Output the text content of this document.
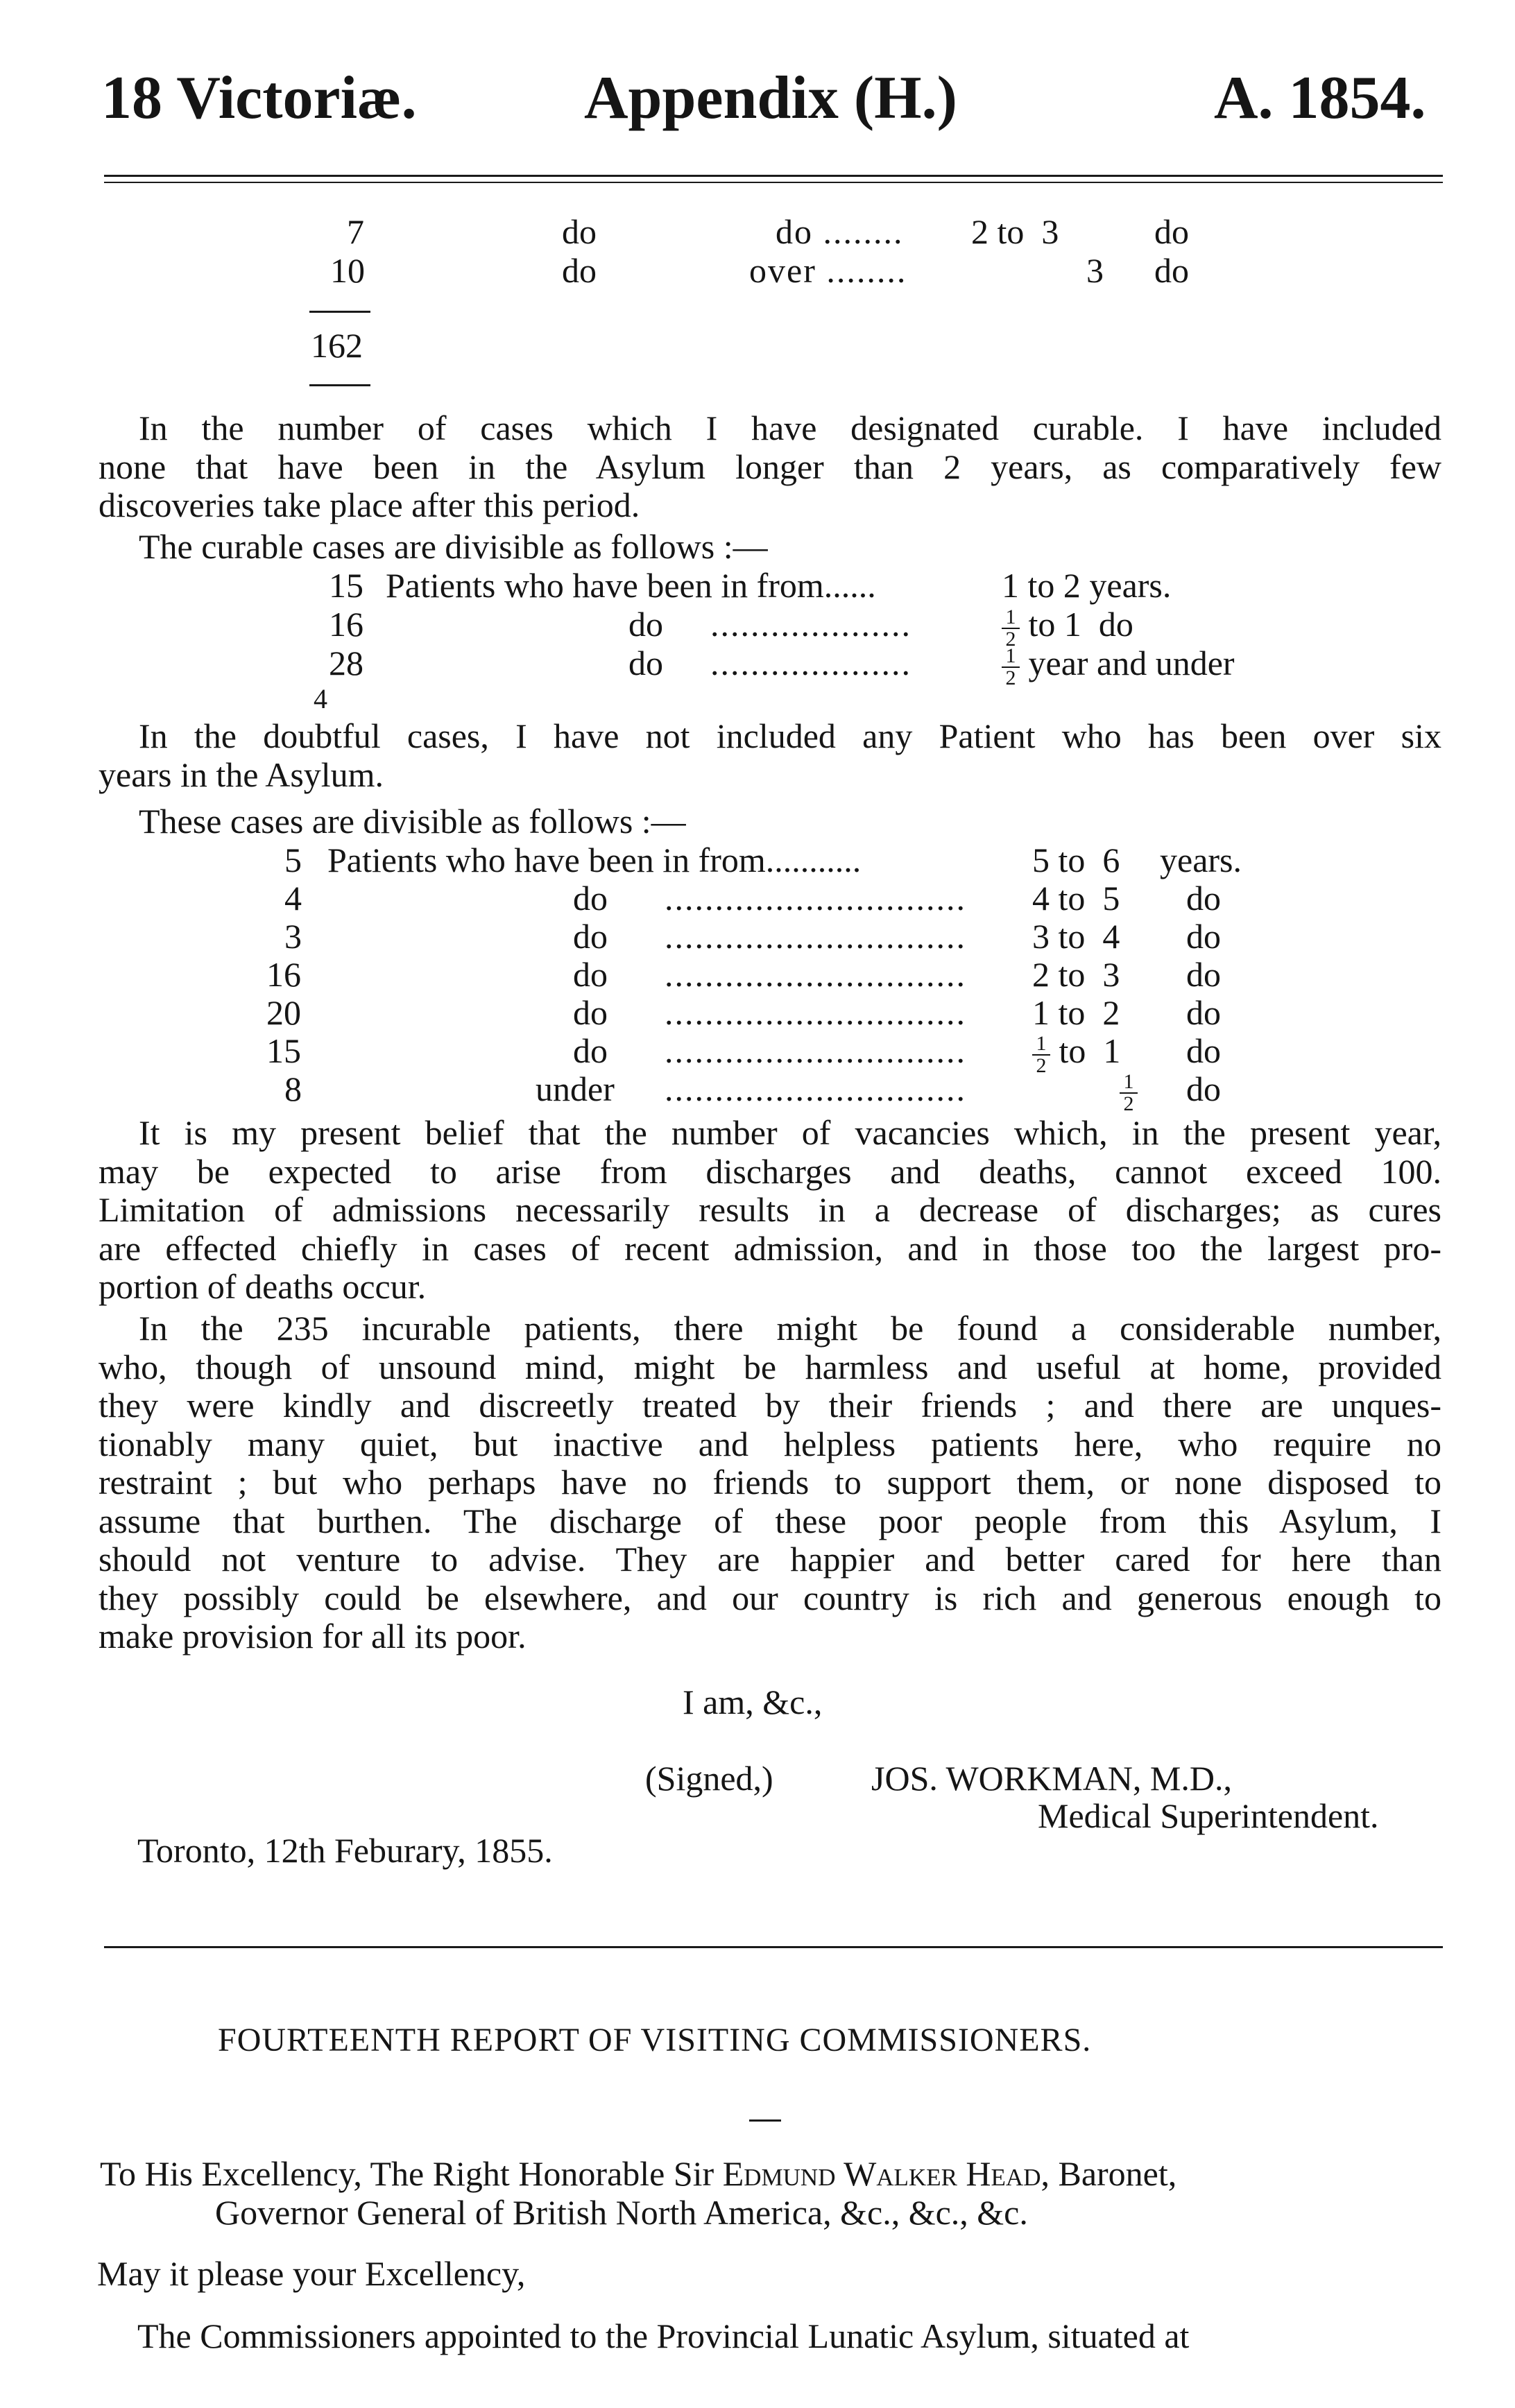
18 Victoriæ.	Appendix (H.)	A. 1854.
7	do	do ........ 2 to  3	do
10	do	over ........	3 do
162
In the number of cases which I have designated curable. I have included
none that have been in the Asylum longer than 2 years, as comparatively few
discoveries take place after this period.
The curable cases are divisible as follows :—
15 Patients who have been in from......	1 to 2 years.
16	do ....................	$\frac{1}{2}$ to 1  do
28	do ....................	$\frac{1}{2}$ year and under
4
In the doubtful cases, I have not included any Patient who has been over six
years in the Asylum.
These cases are divisible as follows :—
5 Patients who have been in from...........	5 to  6 years.
4	do .............................. 4 to  5 do
3	do .............................. 3 to  4 do
16	do .............................. 2 to  3 do
20	do .............................. 1 to  2 do
15	do ..............................	$\frac{1}{2}$ to  1 do
8	under ..............................	$\frac{1}{2}$ do
It is my present belief that the number of vacancies which, in the present year,
may be expected to arise from discharges and deaths, cannot exceed 100.
Limitation of admissions necessarily results in a decrease of discharges; as cures
are effected chiefly in cases of recent admission, and in those too the largest pro-
portion of deaths occur.
In the 235 incurable patients, there might be found a considerable number,
who, though of unsound mind, might be harmless and useful at home, provided
they were kindly and discreetly treated by their friends ; and there are unques-
tionably many quiet, but inactive and helpless patients here, who require no
restraint ; but who perhaps have no friends to support them, or none disposed to
assume that burthen. The discharge of these poor people from this Asylum, I
should not venture to advise. They are happier and better cared for here than
they possibly could be elsewhere, and our country is rich and generous enough to
make provision for all its poor.
I am, &c.,
(Signed,)	JOS. WORKMAN, M.D.,
Medical Superintendent.
Toronto, 12th Feburary, 1855.
FOURTEENTH REPORT OF VISITING COMMISSIONERS.
To His Excellency, The Right Honorable Sir Edmund Walker Head, Baronet,
Governor General of British North America, &c., &c., &c.
May it please your Excellency,
The Commissioners appointed to the Provincial Lunatic Asylum, situated at
